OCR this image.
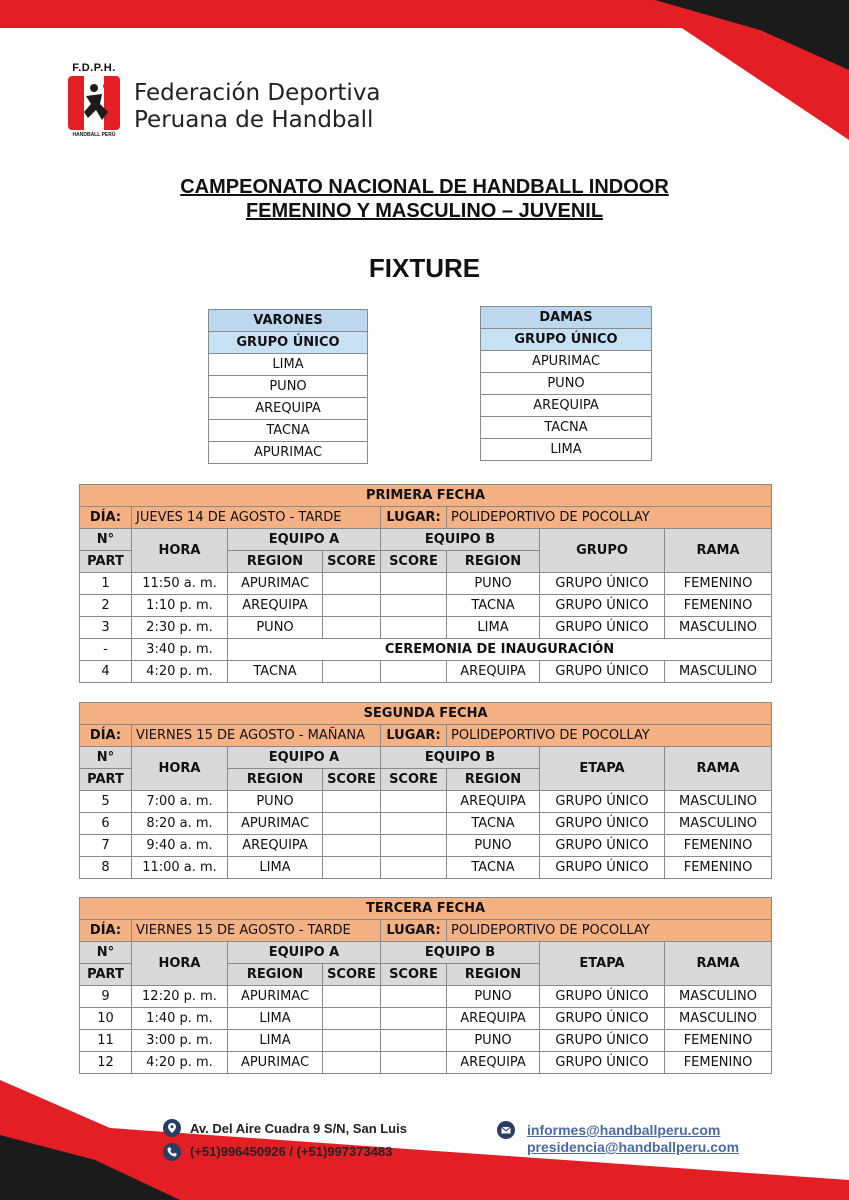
F.D.P.H.
HANDBALL PERÚ
Federación Deportiva
Peruana de Handball
CAMPEONATO NACIONAL DE HANDBALL INDOOR
FEMENINO Y MASCULINO – JUVENIL
FIXTURE
VARONES
GRUPO ÚNICO
LIMA
PUNO
AREQUIPA
TACNA
APURIMAC
DAMAS
GRUPO ÚNICO
APURIMAC
PUNO
AREQUIPA
TACNA
LIMA
PRIMERA FECHA							
DÍA:	JUEVES 14 DE AGOSTO - TARDE			LUGAR:	POLIDEPORTIVO DE POCOLLAY		
N°	HORA	EQUIPO A		EQUIPO B		GRUPO	RAMA
PART		REGION	SCORE	SCORE	REGION		
1	11:50 a. m.	APURIMAC			PUNO	GRUPO ÚNICO	FEMENINO
2	1:10 p. m.	AREQUIPA			TACNA	GRUPO ÚNICO	FEMENINO
3	2:30 p. m.	PUNO			LIMA	GRUPO ÚNICO	MASCULINO
-	3:40 p. m.	CEREMONIA DE INAUGURACIÓN					
4	4:20 p. m.	TACNA			AREQUIPA	GRUPO ÚNICO	MASCULINO
SEGUNDA FECHA							
DÍA:	VIERNES 15 DE AGOSTO - MAÑANA			LUGAR:	POLIDEPORTIVO DE POCOLLAY		
N°	HORA	EQUIPO A		EQUIPO B		ETAPA	RAMA
PART		REGION	SCORE	SCORE	REGION		
5	7:00 a. m.	PUNO			AREQUIPA	GRUPO ÚNICO	MASCULINO
6	8:20 a. m.	APURIMAC			TACNA	GRUPO ÚNICO	MASCULINO
7	9:40 a. m.	AREQUIPA			PUNO	GRUPO ÚNICO	FEMENINO
8	11:00 a. m.	LIMA			TACNA	GRUPO ÚNICO	FEMENINO
TERCERA FECHA							
DÍA:	VIERNES 15 DE AGOSTO - TARDE			LUGAR:	POLIDEPORTIVO DE POCOLLAY		
N°	HORA	EQUIPO A		EQUIPO B		ETAPA	RAMA
PART		REGION	SCORE	SCORE	REGION		
9	12:20 p. m.	APURIMAC			PUNO	GRUPO ÚNICO	MASCULINO
10	1:40 p. m.	LIMA			AREQUIPA	GRUPO ÚNICO	MASCULINO
11	3:00 p. m.	LIMA			PUNO	GRUPO ÚNICO	FEMENINO
12	4:20 p. m.	APURIMAC			AREQUIPA	GRUPO ÚNICO	FEMENINO
Av. Del Aire Cuadra 9 S/N, San Luis
(+51)996450926 / (+51)997373483
informes@handballperu.com
presidencia@handballperu.com
